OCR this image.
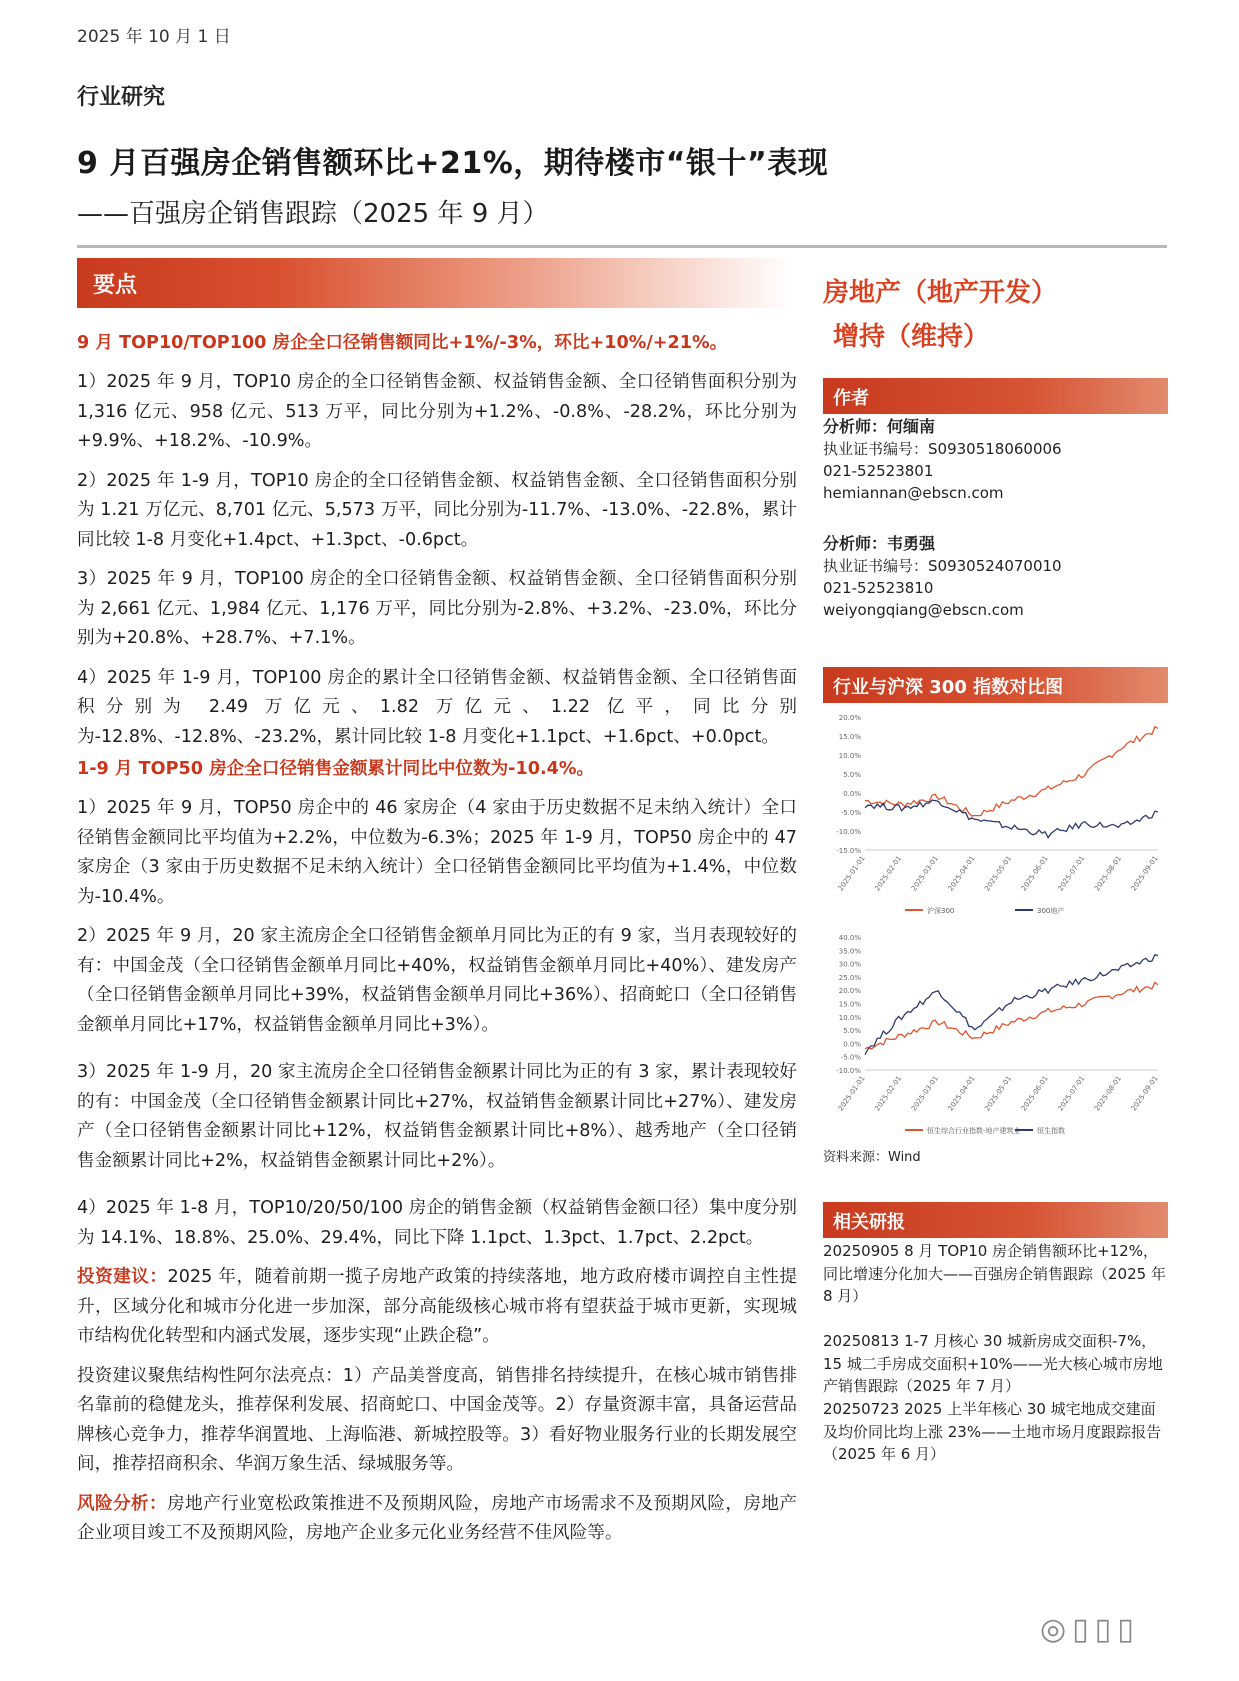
2025 年 10 月 1 日
行业研究
9 月百强房企销售额环比+21%，期待楼市“银十”表现
——百强房企销售跟踪（2025 年 9 月）
要点

9 月 TOP10/TOP100 房企全口径销售额同比+1%/-3%，环比+10%/+21%。

1）2025 年 9 月，TOP10 房企的全口径销售金额、权益销售金额、全口径销售面积分别为 1,316 亿元、958 亿元、513 万平，同比分别为+1.2%、-0.8%、-28.2%，环比分别为+9.9%、+18.2%、-10.9%。

2）2025 年 1-9 月，TOP10 房企的全口径销售金额、权益销售金额、全口径销售面积分别为 1.21 万亿元、8,701 亿元、5,573 万平，同比分别为-11.7%、-13.0%、-22.8%，累计同比较 1-8 月变化+1.4pct、+1.3pct、-0.6pct。

3）2025 年 9 月，TOP100 房企的全口径销售金额、权益销售金额、全口径销售面积分别为 2,661 亿元、1,984 亿元、1,176 万平，同比分别为-2.8%、+3.2%、-23.0%，环比分别为+20.8%、+28.7%、+7.1%。

4）2025 年 1-9 月，TOP100 房企的累计全口径销售金额、权益销售金额、全口径销售面积分别为 2.49 万亿元、1.82 万亿元、1.22 亿平，同比分别为-12.8%、-12.8%、-23.2%，累计同比较 1-8 月变化+1.1pct、+1.6pct、+0.0pct。

1-9 月 TOP50 房企全口径销售金额累计同比中位数为-10.4%。

1）2025 年 9 月，TOP50 房企中的 46 家房企（4 家由于历史数据不足未纳入统计）全口径销售金额同比平均值为+2.2%，中位数为-6.3%；2025 年 1-9 月，TOP50 房企中的 47 家房企（3 家由于历史数据不足未纳入统计）全口径销售金额同比平均值为+1.4%，中位数为-10.4%。

2）2025 年 9 月，20 家主流房企全口径销售金额单月同比为正的有 9 家，当月表现较好的有：中国金茂（全口径销售金额单月同比+40%，权益销售金额单月同比+40%）、建发房产（全口径销售金额单月同比+39%，权益销售金额单月同比+36%）、招商蛇口（全口径销售金额单月同比+17%，权益销售金额单月同比+3%）。

3）2025 年 1-9 月，20 家主流房企全口径销售金额累计同比为正的有 3 家，累计表现较好的有：中国金茂（全口径销售金额累计同比+27%，权益销售金额累计同比+27%）、建发房产（全口径销售金额累计同比+12%，权益销售金额累计同比+8%）、越秀地产（全口径销售金额累计同比+2%，权益销售金额累计同比+2%）。

4）2025 年 1-8 月，TOP10/20/50/100 房企的销售金额（权益销售金额口径）集中度分别为 14.1%、18.8%、25.0%、29.4%，同比下降 1.1pct、1.3pct、1.7pct、2.2pct。

投资建议：2025 年，随着前期一揽子房地产政策的持续落地，地方政府楼市调控自主性提升，区域分化和城市分化进一步加深，部分高能级核心城市将有望获益于城市更新，实现城市结构优化转型和内涵式发展，逐步实现“止跌企稳”。

投资建议聚焦结构性阿尔法亮点：1）产品美誉度高，销售排名持续提升，在核心城市销售排名靠前的稳健龙头，推荐保利发展、招商蛇口、中国金茂等。2）存量资源丰富，具备运营品牌核心竞争力，推荐华润置地、上海临港、新城控股等。3）看好物业服务行业的长期发展空间，推荐招商积余、华润万象生活、绿城服务等。

风险分析：房地产行业宽松政策推进不及预期风险，房地产市场需求不及预期风险，房地产企业项目竣工不及预期风险，房地产企业多元化业务经营不佳风险等。

房地产（地产开发）
增持（维持）
作者
分析师：何缅南
执业证书编号：S0930518060006
021-52523801
hemiannan@ebscn.com
分析师：韦勇强
执业证书编号：S0930524070010
021-52523810
weiyongqiang@ebscn.com
行业与沪深 300 指数对比图
20.0%
15.0%
10.0%
5.0%
0.0%
-5.0%
-10.0%
-15.0%
2025-01-01 2025-02-01 2025-03-01 2025-04-01 2025-05-01 2025-06-01 2025-07-01 2025-08-01 2025-09-01
沪深300	300地产
40.0%
35.0%
30.0%
25.0%
20.0%
15.0%
10.0%
5.0%
0.0%
-5.0%
-10.0%
2025-01-01 2025-02-01 2025-03-01 2025-04-01 2025-05-01 2025-06-01 2025-07-01 2025-08-01 2025-09-01
恒生综合行业指数-地产建筑业 恒生指数
资料来源：Wind
相关研报
20250905 8 月 TOP10 房企销售额环比+12%，同比增速分化加大——百强房企销售跟踪（2025 年 8 月）
20250813 1-7 月核心 30 城新房成交面积-7%，15 城二手房成交面积+10%——光大核心城市房地产销售跟踪（2025 年 7 月）
20250723 2025 上半年核心 30 城宅地成交建面及均价同比均上涨 23%——土地市场月度跟踪报告（2025 年 6 月）
◎▯▯▯
